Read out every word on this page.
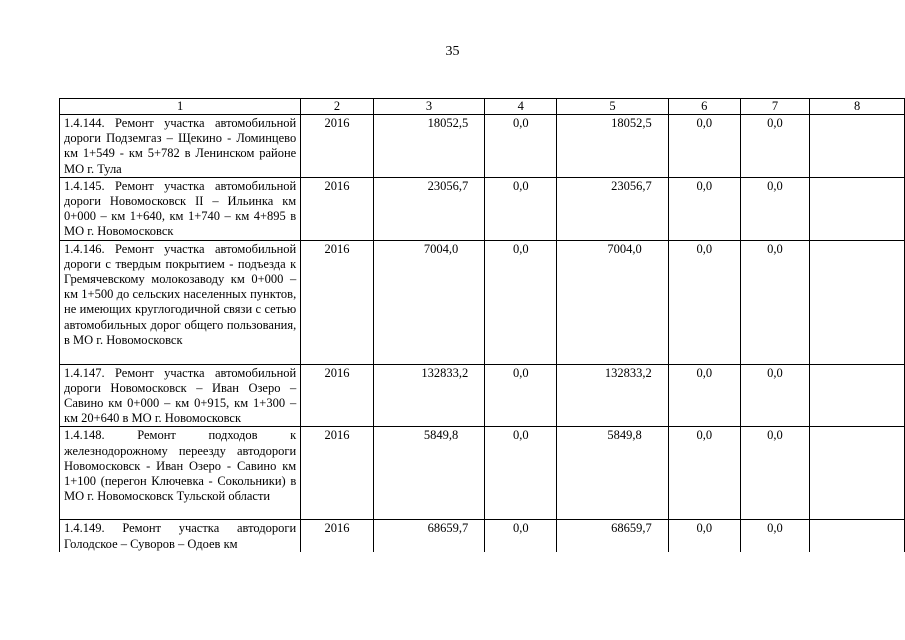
35
1	2	3	4	5	6	7	8
1.4.144. Ремонт участка автомобильной дороги Подземгаз – Щекино - Ломинцево км 1+549 - км 5+782 в Ленинском районе МО г. Тула	2016	18052,5	0,0	18052,5	0,0	0,0	
1.4.145. Ремонт участка автомобильной дороги Новомосковск II – Ильинка км 0+000 – км 1+640, км 1+740 – км 4+895 в МО г. Новомосковск	2016	23056,7	0,0	23056,7	0,0	0,0	
1.4.146. Ремонт участка автомобильной дороги с твердым покрытием - подъезда к Гремячевскому молокозаводу км 0+000 – км 1+500 до сельских населенных пунктов, не имеющих круглогодичной связи с сетью автомобильных дорог общего пользования, в МО г. Новомосковск	2016	7004,0	0,0	7004,0	0,0	0,0	
1.4.147. Ремонт участка автомобильной дороги Новомосковск – Иван Озеро – Савино км 0+000 – км 0+915, км 1+300 – км 20+640 в МО г. Новомосковск	2016	132833,2	0,0	132833,2	0,0	0,0	
1.4.148. Ремонт подходов к железнодорожному переезду автодороги Новомосковск - Иван Озеро - Савино км 1+100 (перегон Ключевка - Сокольники) в МО г. Новомосковск Тульской области	2016	5849,8	0,0	5849,8	0,0	0,0	
1.4.149. Ремонт участка автодороги Голодское – Суворов – Одоев км	2016	68659,7	0,0	68659,7	0,0	0,0	
